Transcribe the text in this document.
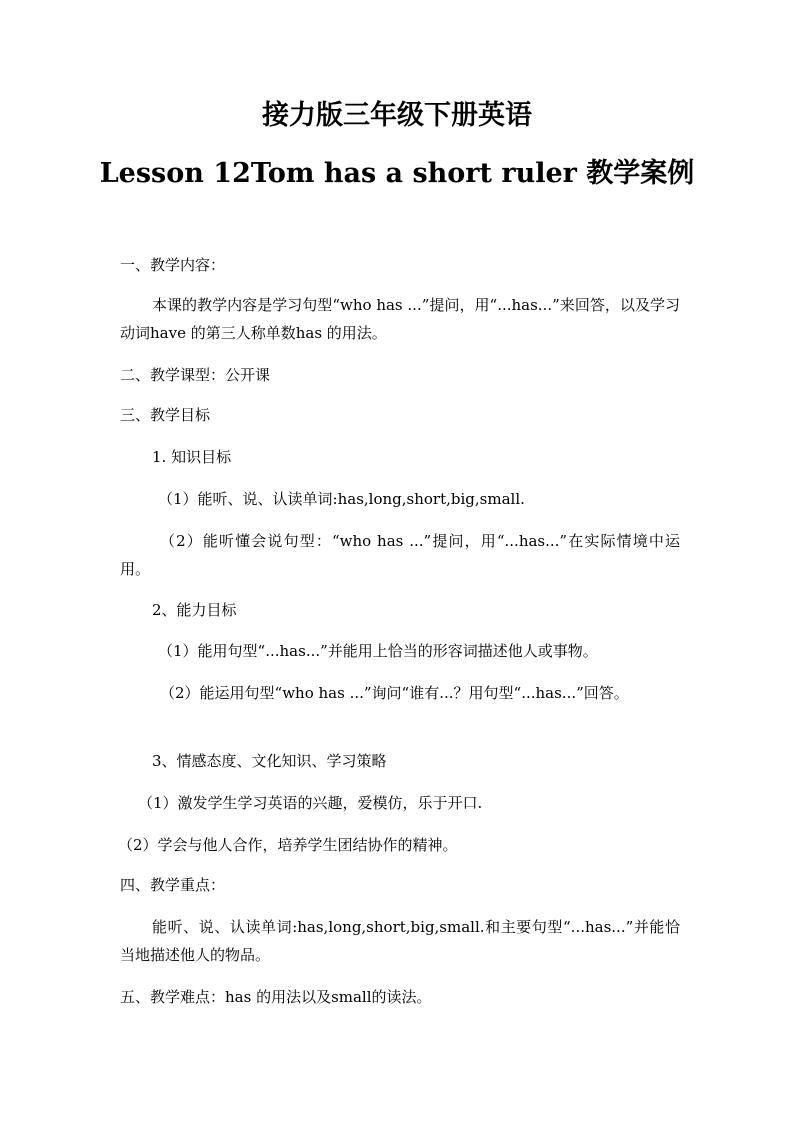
接力版三年级下册英语
Lesson 12Tom has a short ruler 教学案例
一、教学内容：
本课的教学内容是学习句型“who has ...”提问，用“...has...”来回答，以及学习动词have 的第三人称单数has 的用法。
二、教学课型：公开课
三、教学目标
1. 知识目标
（1）能听、说、认读单词:has,long,short,big,small.
（2）能听懂会说句型：“who has ...”提问，用“...has...”在实际情境中运用。
2、能力目标
（1）能用句型“...has...”并能用上恰当的形容词描述他人或事物。
（2）能运用句型“who has ...”询问“谁有...？用句型“...has...”回答。
3、情感态度、文化知识、学习策略
（1）激发学生学习英语的兴趣，爱模仿，乐于开口.
（2）学会与他人合作，培养学生团结协作的精神。
四、教学重点：
能听、说、认读单词:has,long,short,big,small.和主要句型“...has...”并能恰当地描述他人的物品。
五、教学难点：has 的用法以及small的读法。
